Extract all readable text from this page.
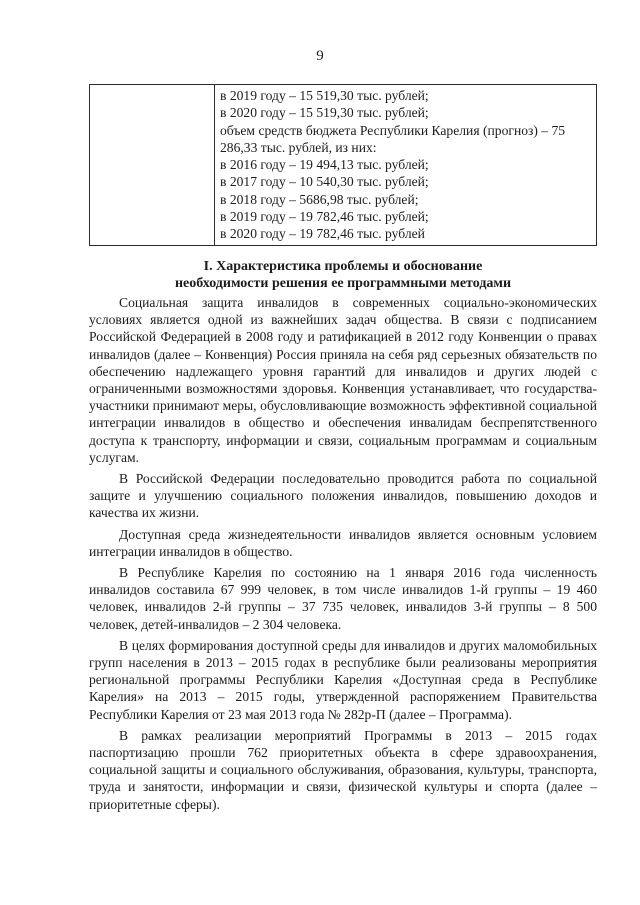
9

в 2019 году – 15 519,30 тыс. рублей;
в 2020 году – 15 519,30 тыс. рублей;
объем средств бюджета Республики Карелия (прогноз) – 75 286,33 тыс. рублей, из них:
в 2016 году – 19 494,13 тыс. рублей;
в 2017 году – 10 540,30 тыс. рублей;
в 2018 году – 5686,98 тыс. рублей;
в 2019 году – 19 782,46 тыс. рублей;
в 2020 году – 19 782,46 тыс. рублей
I. Характеристика проблемы и обоснование
необходимости решения ее программными методами

Социальная защита инвалидов в современных социально-экономических условиях является одной из важнейших задач общества. В связи с подписанием Российской Федерацией в 2008 году и ратификацией в 2012 году Конвенции о правах инвалидов (далее – Конвенция) Россия приняла на себя ряд серьезных обязательств по обеспечению надлежащего уровня гарантий для инвалидов и других людей с ограниченными возможностями здоровья. Конвенция устанавливает, что государства-участники принимают меры, обусловливающие возможность эффективной социальной интеграции инвалидов в общество и обеспечения инвалидам беспрепятственного доступа к транспорту, информации и связи, социальным программам и социальным услугам.

В Российской Федерации последовательно проводится работа по социальной защите и улучшению социального положения инвалидов, повышению доходов и качества их жизни.

Доступная среда жизнедеятельности инвалидов является основным условием интеграции инвалидов в общество.

В Республике Карелия по состоянию на 1 января 2016 года численность инвалидов составила 67 999 человек, в том числе инвалидов 1-й группы – 19 460 человек, инвалидов 2-й группы – 37 735 человек, инвалидов 3-й группы – 8 500 человек, детей-инвалидов – 2 304 человека.

В целях формирования доступной среды для инвалидов и других маломобильных групп населения в 2013 – 2015 годах в республике были реализованы мероприятия региональной программы Республики Карелия «Доступная среда в Республике Карелия» на 2013 – 2015 годы, утвержденной распоряжением Правительства Республики Карелия от 23 мая 2013 года № 282р-П (далее – Программа).

В рамках реализации мероприятий Программы в 2013 – 2015 годах паспортизацию прошли 762 приоритетных объекта в сфере здравоохранения, социальной защиты и социального обслуживания, образования, культуры, транспорта, труда и занятости, информации и связи, физической культуры и спорта (далее – приоритетные сферы).
